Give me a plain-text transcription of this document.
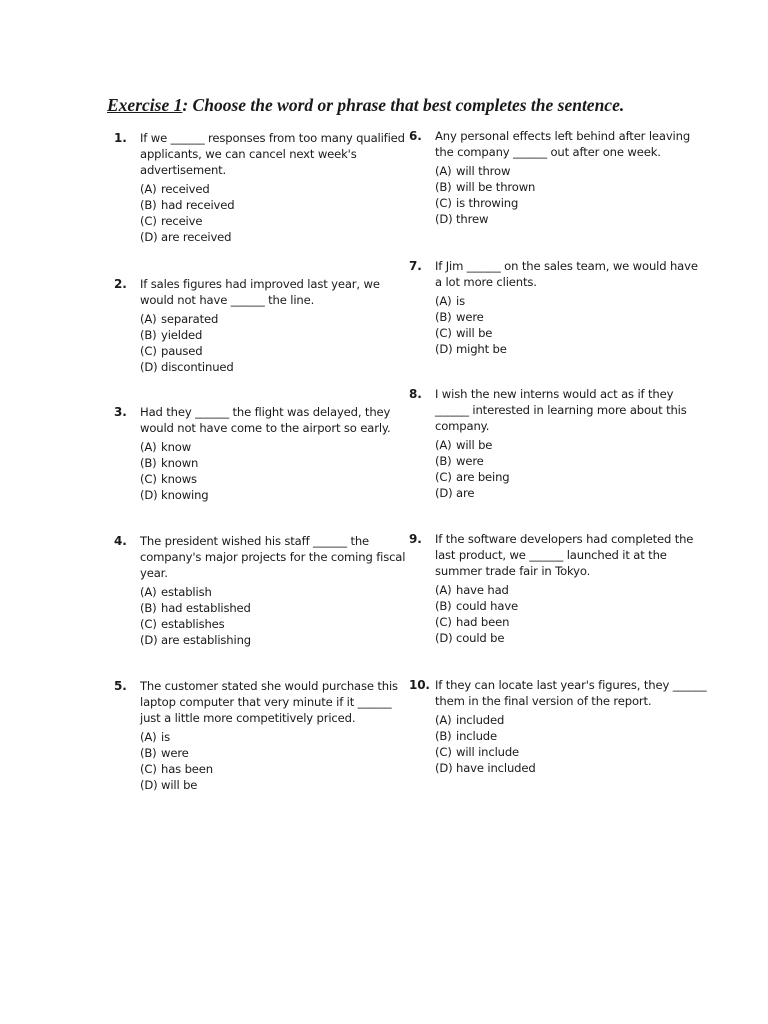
Exercise 1: Choose the word or phrase that best completes the sentence.
1. If we ______ responses from too many qualified
applicants, we can cancel next week's
advertisement.
(A) received
(B) had received
(C) receive
(D) are received
2. If sales figures had improved last year, we
would not have ______ the line.
(A) separated
(B) yielded
(C) paused
(D) discontinued
3. Had they ______ the flight was delayed, they
would not have come to the airport so early.
(A) know
(B) known
(C) knows
(D) knowing
4. The president wished his staff ______ the
company's major projects for the coming fiscal
year.
(A) establish
(B) had established
(C) establishes
(D) are establishing
5. The customer stated she would purchase this
laptop computer that very minute if it ______
just a little more competitively priced.
(A) is
(B) were
(C) has been
(D) will be
6. Any personal effects left behind after leaving
the company ______ out after one week.
(A) will throw
(B) will be thrown
(C) is throwing
(D) threw
7. If Jim ______ on the sales team, we would have
a lot more clients.
(A) is
(B) were
(C) will be
(D) might be
8. I wish the new interns would act as if they
______ interested in learning more about this
company.
(A) will be
(B) were
(C) are being
(D) are
9. If the software developers had completed the
last product, we ______ launched it at the
summer trade fair in Tokyo.
(A) have had
(B) could have
(C) had been
(D) could be
10. If they can locate last year's figures, they ______
them in the final version of the report.
(A) included
(B) include
(C) will include
(D) have included
